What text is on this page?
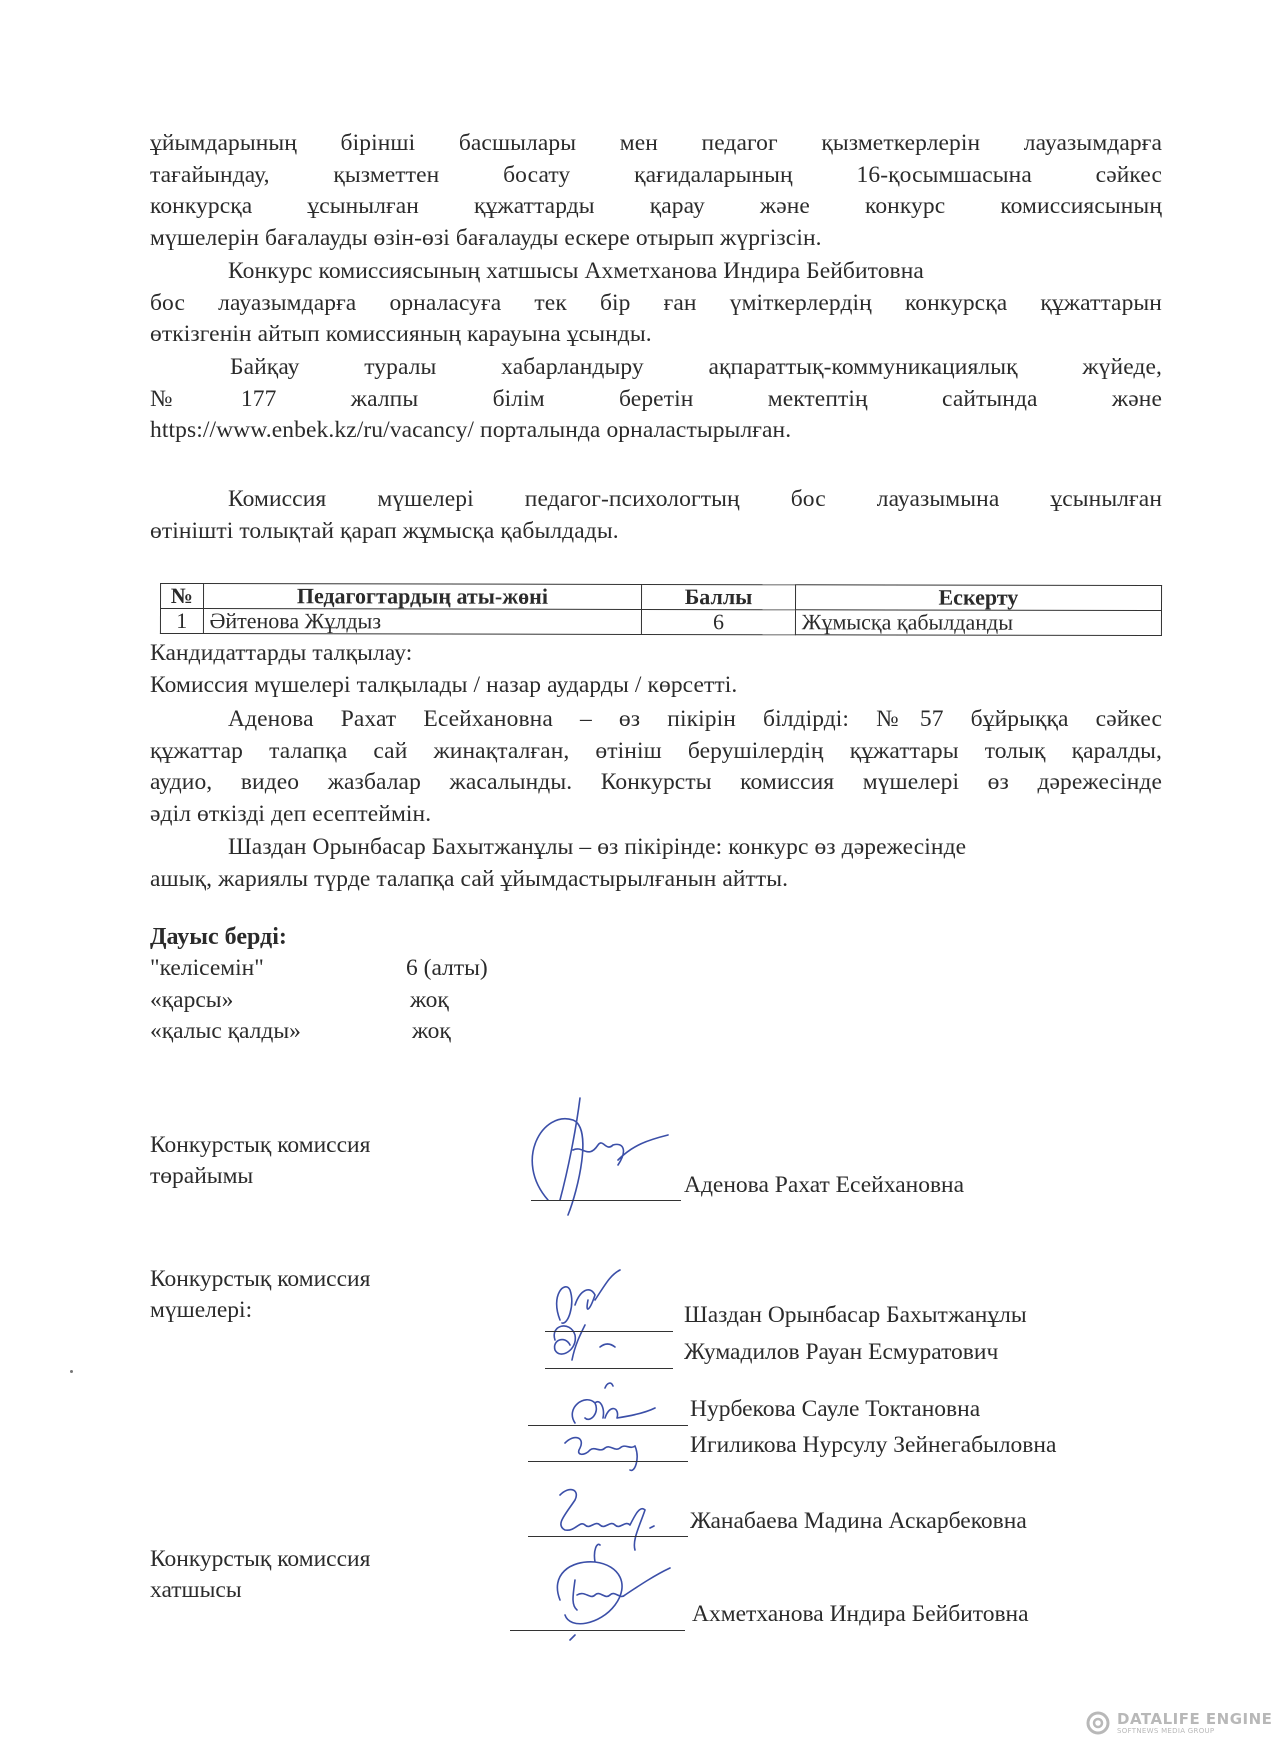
ұйымдарының бірінші басшылары мен педагог қызметкерлерін лауазымдарға
тағайындау, қызметтен босату қағидаларының 16-қосымшасына сәйкес
конкурсқа ұсынылған құжаттарды қарау және конкурс комиссиясының
мүшелерін бағалауды өзін-өзі бағалауды ескере отырып жүргізсін.
Конкурс комиссиясының хатшысы Ахметханова Индира Бейбитовна
бос лауазымдарға орналасуға тек бір ған үміткерлердің конкурсқа құжаттарын
өткізгенін айтып комиссияның карауына ұсынды.
Байқау туралы хабарландыру ақпараттық-коммуникациялық жүйеде,
№177 жалпы білім беретін мектептің сайтында және
https://www.enbek.kz/ru/vacancy/ порталында орналастырылған.
Комиссия мүшелері педагог-психологтың бос лауазымына ұсынылған
өтінішті толықтай қарап жұмысқа қабылдады.
№	Педагогтардың аты-жөні	Баллы	Ескерту
1	Әйтенова Жұлдыз	6	Жұмысқа қабылданды
Кандидаттарды талқылау:
Комиссия мүшелері талқылады / назар аударды / көрсетті.
Аденова Рахат Есейхановна – өз пікірін білдірді: №57 бұйрыққа сәйкес
құжаттар талапқа сай жинақталған, өтініш берушілердің құжаттары толық қаралды,
аудио, видео жазбалар жасалынды. Конкурсты комиссия мүшелері өз дәрежесінде
әділ өткізді деп есептеймін.
Шаздан Орынбасар Бахытжанұлы – өз пікірінде: конкурс өз дәрежесінде
ашық, жариялы түрде талапқа сай ұйымдастырылғанын айтты.
Дауыс берді:
"келісемін"	6 (алты)
«қарсы»	жоқ
«қалыс қалды»	жоқ
Конкурстық комиссия
төрайымы	Аденова Рахат Есейхановна
Конкурстық комиссия
мүшелері:	Шаздан Орынбасар Бахытжанұлы
Жумадилов Рауан Есмуратович
Нурбекова Сауле Токтановна
Игиликова Нурсулу Зейнегабыловна
Жанабаева Мадина Аскарбековна
Конкурстық комиссия
хатшысы
Ахметханова Индира Бейбитовна
DATALIFE ENGINE
SOFTNEWS MEDIA GROUP
